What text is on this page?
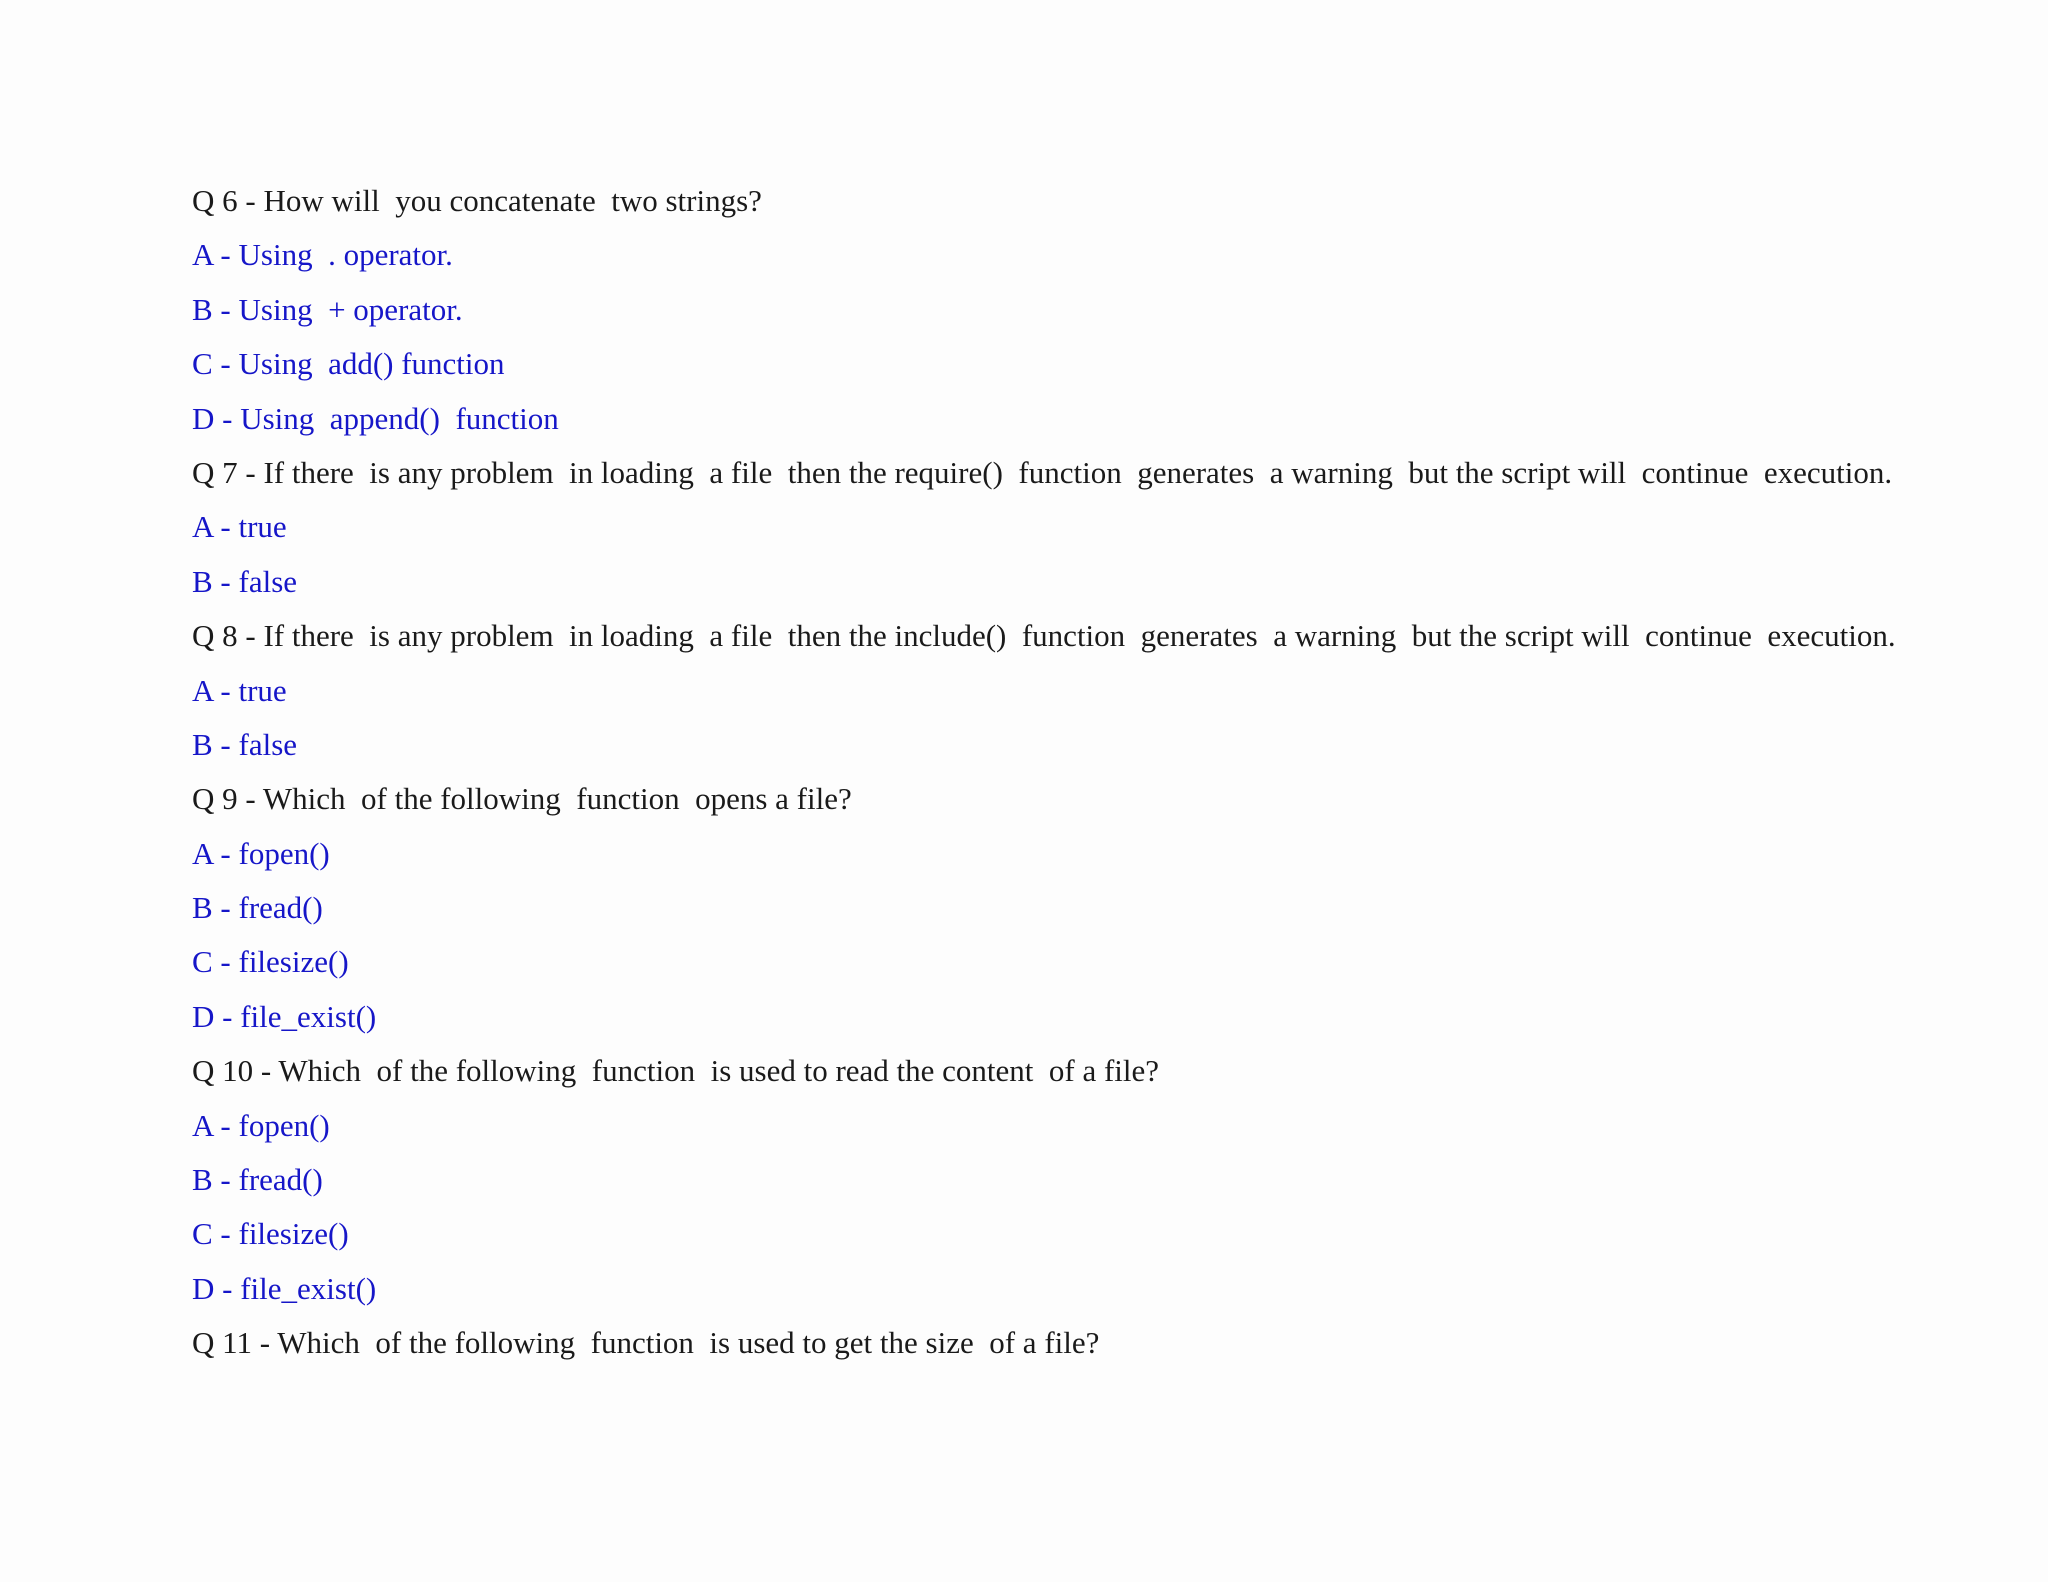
Q 6 - How will  you concatenate  two strings?
A - Using  . operator.
B - Using  + operator.
C - Using  add() function
D - Using  append()  function
Q 7 - If there  is any problem  in loading  a file  then the require()  function  generates  a warning  but the script will  continue  execution.
A - true
B - false
Q 8 - If there  is any problem  in loading  a file  then the include()  function  generates  a warning  but the script will  continue  execution.
A - true
B - false
Q 9 - Which  of the following  function  opens a file?
A - fopen()
B - fread()
C - filesize()
D - file_exist()
Q 10 - Which  of the following  function  is used to read the content  of a file?
A - fopen()
B - fread()
C - filesize()
D - file_exist()
Q 11 - Which  of the following  function  is used to get the size  of a file?
